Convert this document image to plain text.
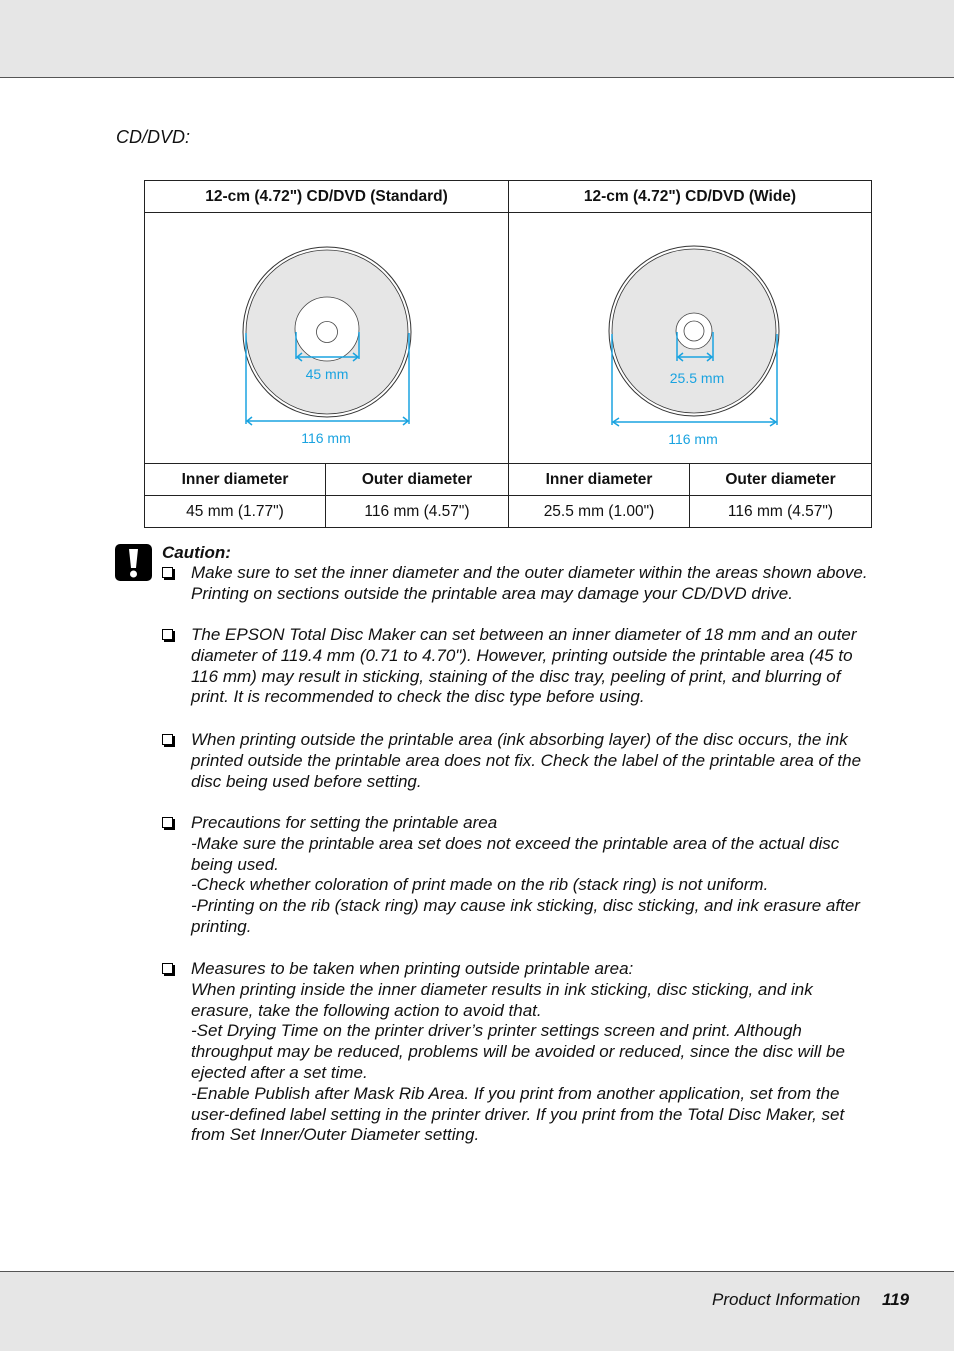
CD/DVD:
12-cm (4.72") CD/DVD (Standard)		12-cm (4.72") CD/DVD (Wide)	

45 mm
116 mm		25.5 mm
116 mm	

Inner diameter	Outer diameter	Inner diameter	Outer diameter
45 mm (1.77")	116 mm (4.57")	25.5 mm (1.00")	116 mm (4.57")
Caution:
Make sure to set the inner diameter and the outer diameter within the areas shown above.
Printing on sections outside the printable area may damage your CD/DVD drive.
The EPSON Total Disc Maker can set between an inner diameter of 18 mm and an outer
diameter of 119.4 mm (0.71 to 4.70"). However, printing outside the printable area (45 to
116 mm) may result in sticking, staining of the disc tray, peeling of print, and blurring of
print. It is recommended to check the disc type before using.
When printing outside the printable area (ink absorbing layer) of the disc occurs, the ink
printed outside the printable area does not fix. Check the label of the printable area of the
disc being used before setting.
Precautions for setting the printable area
-Make sure the printable area set does not exceed the printable area of the actual disc
being used.
-Check whether coloration of print made on the rib (stack ring) is not uniform.
-Printing on the rib (stack ring) may cause ink sticking, disc sticking, and ink erasure after
printing.
Measures to be taken when printing outside printable area:
When printing inside the inner diameter results in ink sticking, disc sticking, and ink
erasure, take the following action to avoid that.
-Set Drying Time on the printer driver’s printer settings screen and print. Although
throughput may be reduced, problems will be avoided or reduced, since the disc will be
ejected after a set time.
-Enable Publish after Mask Rib Area. If you print from another application, set from the
user-defined label setting in the printer driver. If you print from the Total Disc Maker, set
from Set Inner/Outer Diameter setting.
Product Information 119
